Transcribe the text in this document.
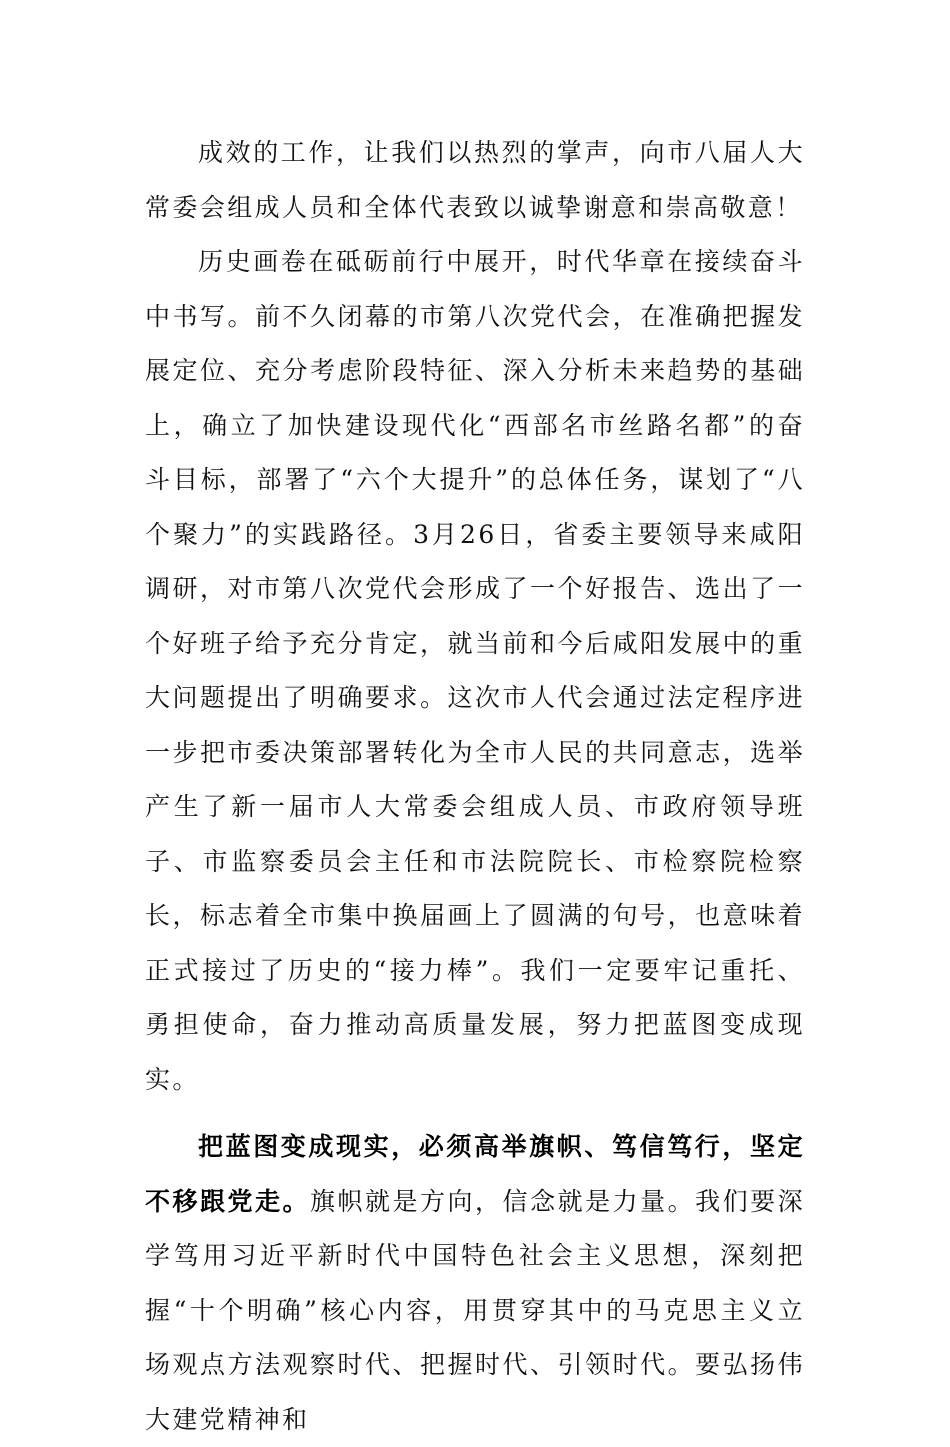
成效的工作，让我们以热烈的掌声，向市八届人大常委会组成人员和全体代表致以诚挚谢意和崇高敬意！

历史画卷在砥砺前行中展开，时代华章在接续奋斗中书写。前不久闭幕的市第八次党代会，在准确把握发展定位、充分考虑阶段特征、深入分析未来趋势的基础上，确立了加快建设现代化“西部名市丝路名都”的奋斗目标，部署了“六个大提升”的总体任务，谋划了“八个聚力”的实践路径。3月26日，省委主要领导来咸阳调研，对市第八次党代会形成了一个好报告、选出了一个好班子给予充分肯定，就当前和今后咸阳发展中的重大问题提出了明确要求。这次市人代会通过法定程序进一步把市委决策部署转化为全市人民的共同意志，选举产生了新一届市人大常委会组成人员、市政府领导班子、市监察委员会主任和市法院院长、市检察院检察长，标志着全市集中换届画上了圆满的句号，也意味着正式接过了历史的“接力棒”。我们一定要牢记重托、勇担使命，奋力推动高质量发展，努力把蓝图变成现实。

把蓝图变成现实，必须高举旗帜、笃信笃行，坚定不移跟党走。旗帜就是方向，信念就是力量。我们要深学笃用习近平新时代中国特色社会主义思想，深刻把握“十个明确”核心内容，用贯穿其中的马克思主义立场观点方法观察时代、把握时代、引领时代。要弘扬伟大建党精神和
